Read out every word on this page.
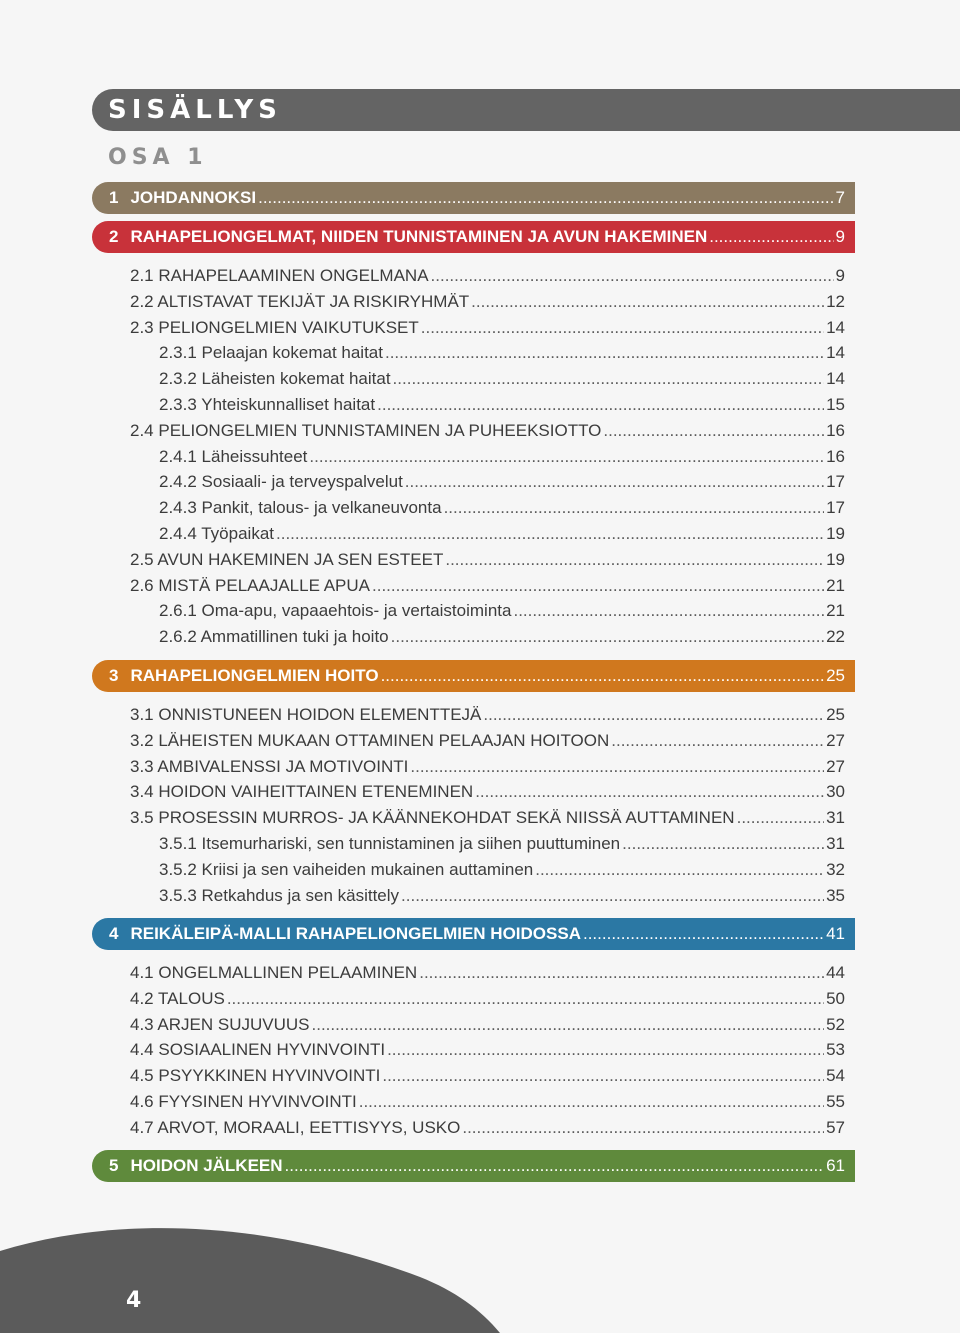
SISÄLLYS
OSA 1
1 JOHDANNOKSI .....	7
2 RAHAPELIONGELMAT, NIIDEN TUNNISTAMINEN JA AVUN HAKEMINEN .....	9
3 RAHAPELIONGELMIEN HOITO .....	25
4 REIKÄLEIPÄ-MALLI RAHAPELIONGELMIEN HOIDOSSA .....	41
5 HOIDON JÄLKEEN .....	61
2.1 RAHAPELAAMINEN ONGELMANA .....	9
2.2 ALTISTAVAT TEKIJÄT JA RISKIRYHMÄT .....	12
2.3 PELIONGELMIEN VAIKUTUKSET .....	14
2.3.1 Pelaajan kokemat haitat .....	14
2.3.2 Läheisten kokemat haitat .....	14
2.3.3 Yhteiskunnalliset haitat .....	15
2.4 PELIONGELMIEN TUNNISTAMINEN JA PUHEEKSIOTTO .....	16
2.4.1 Läheissuhteet .....	16
2.4.2 Sosiaali- ja terveyspalvelut .....	17
2.4.3 Pankit, talous- ja velkaneuvonta .....	17
2.4.4 Työpaikat .....	19
2.5 AVUN HAKEMINEN JA SEN ESTEET .....	19
2.6 MISTÄ PELAAJALLE APUA .....	21
2.6.1 Oma-apu, vapaaehtois- ja vertaistoiminta .....	21
2.6.2 Ammatillinen tuki ja hoito .....	22
3.1 ONNISTUNEEN HOIDON ELEMENTTEJÄ .....	25
3.2 LÄHEISTEN MUKAAN OTTAMINEN PELAAJAN HOITOON .....	27
3.3 AMBIVALENSSI JA MOTIVOINTI .....	27
3.4 HOIDON VAIHEITTAINEN ETENEMINEN .....	30
3.5 PROSESSIN MURROS- JA KÄÄNNEKOHDAT SEKÄ NIISSÄ AUTTAMINEN .....	31
3.5.1 Itsemurhariski, sen tunnistaminen ja siihen puuttuminen .....	31
3.5.2 Kriisi ja sen vaiheiden mukainen auttaminen .....	32
3.5.3 Retkahdus ja sen käsittely .....	35
4.1 ONGELMALLINEN PELAAMINEN .....	44
4.2 TALOUS .....	50
4.3 ARJEN SUJUVUUS .....	52
4.4 SOSIAALINEN HYVINVOINTI .....	53
4.5 PSYYKKINEN HYVINVOINTI .....	54
4.6 FYYSINEN HYVINVOINTI .....	55
4.7 ARVOT, MORAALI, EETTISYYS, USKO .....	57
4
